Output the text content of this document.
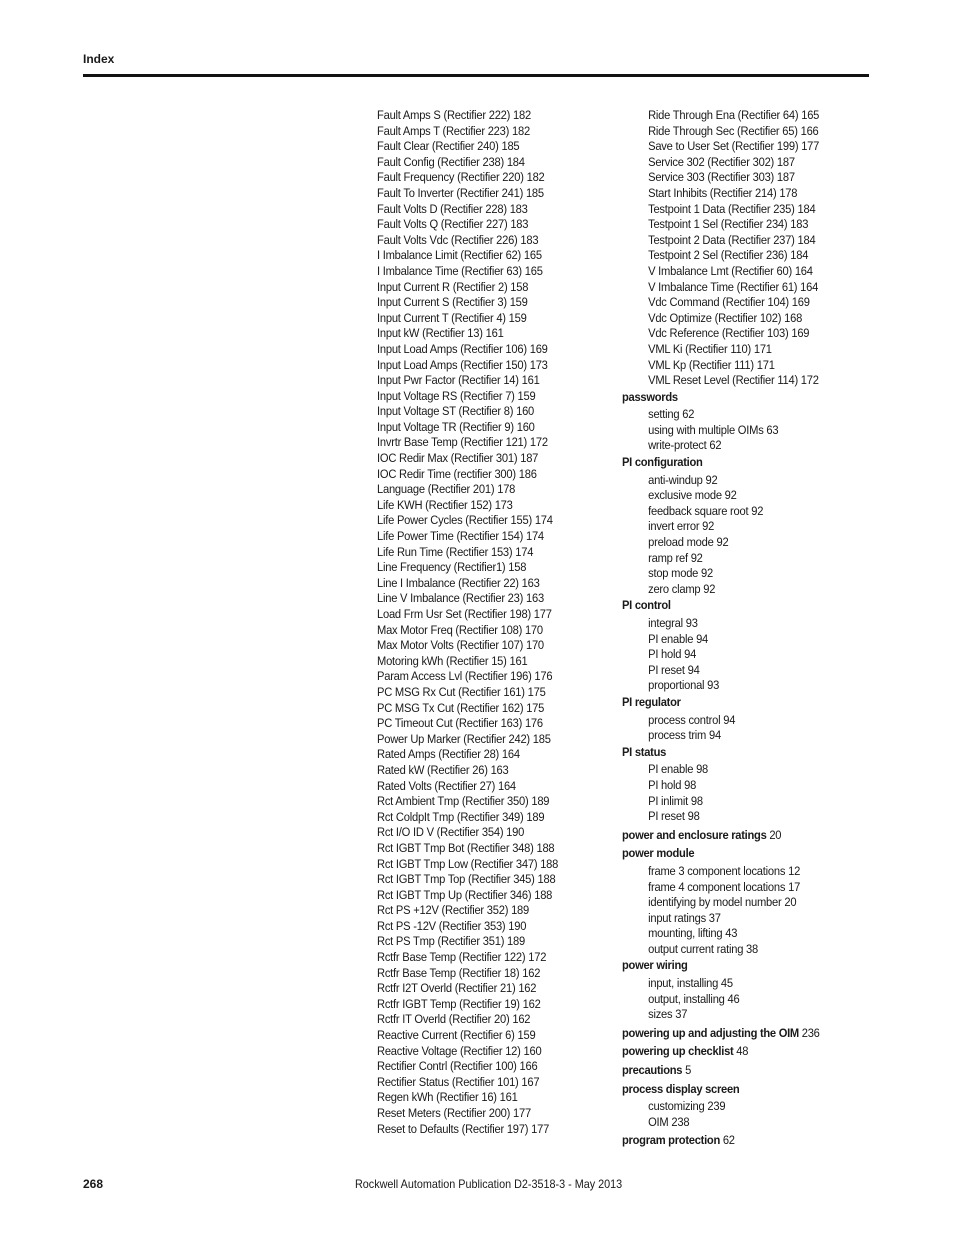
Index
Fault Amps S (Rectifier 222) 182
Fault Amps T (Rectifier 223) 182
Fault Clear (Rectifier 240) 185
Fault Config (Rectifier 238) 184
Fault Frequency (Rectifier 220) 182
Fault To Inverter (Rectifier 241) 185
Fault Volts D (Rectifier 228) 183
Fault Volts Q (Rectifier 227) 183
Fault Volts Vdc (Rectifier 226) 183
I Imbalance Limit (Rectifier 62) 165
I Imbalance Time (Rectifier 63) 165
Input Current R (Rectifier 2) 158
Input Current S (Rectifier 3) 159
Input Current T (Rectifier 4) 159
Input kW (Rectifier 13) 161
Input Load Amps (Rectifier 106) 169
Input Load Amps (Rectifier 150) 173
Input Pwr Factor (Rectifier 14) 161
Input Voltage RS (Rectifier 7) 159
Input Voltage ST (Rectifier 8) 160
Input Voltage TR (Rectifier 9) 160
Invrtr Base Temp (Rectifier 121) 172
IOC Redir Max (Rectifier 301) 187
IOC Redir Time (rectifier 300) 186
Language (Rectifier 201) 178
Life KWH (Rectifier 152) 173
Life Power Cycles (Rectifier 155) 174
Life Power Time (Rectifier 154) 174
Life Run Time (Rectifier 153) 174
Line Frequency (Rectifier1) 158
Line I Imbalance (Rectifier 22) 163
Line V Imbalance (Rectifier 23) 163
Load Frm Usr Set (Rectifier 198) 177
Max Motor Freq (Rectifier 108) 170
Max Motor Volts (Rectifier 107) 170
Motoring kWh (Rectifier 15) 161
Param Access Lvl (Rectifier 196) 176
PC MSG Rx Cut (Rectifier 161) 175
PC MSG Tx Cut (Rectifier 162) 175
PC Timeout Cut (Rectifier 163) 176
Power Up Marker (Rectifier 242) 185
Rated Amps (Rectifier 28) 164
Rated kW (Rectifier 26) 163
Rated Volts (Rectifier 27) 164
Rct Ambient Tmp (Rectifier 350) 189
Rct ColdpIt Tmp (Rectifier 349) 189
Rct I/O ID V (Rectifier 354) 190
Rct IGBT Tmp Bot (Rectifier 348) 188
Rct IGBT Tmp Low (Rectifier 347) 188
Rct IGBT Tmp Top (Rectifier 345) 188
Rct IGBT Tmp Up (Rectifier 346) 188
Rct PS +12V (Rectifier 352) 189
Rct PS -12V (Rectifier 353) 190
Rct PS Tmp (Rectifier 351) 189
Rctfr Base Temp (Rectifier 122) 172
Rctfr Base Temp (Rectifier 18) 162
Rctfr I2T Overld (Rectifier 21) 162
Rctfr IGBT Temp (Rectifier 19) 162
Rctfr IT Overld (Rectifier 20) 162
Reactive Current (Rectifier 6) 159
Reactive Voltage (Rectifier 12) 160
Rectifier Contrl (Rectifier 100) 166
Rectifier Status (Rectifier 101) 167
Regen kWh (Rectifier 16) 161
Reset Meters (Rectifier 200) 177
Reset to Defaults (Rectifier 197) 177
Ride Through Ena (Rectifier 64) 165
Ride Through Sec (Rectifier 65) 166
Save to User Set (Rectifier 199) 177
Service 302 (Rectifier 302) 187
Service 303 (Rectifier 303) 187
Start Inhibits (Rectifier 214) 178
Testpoint 1 Data (Rectifier 235) 184
Testpoint 1 Sel (Rectifier 234) 183
Testpoint 2 Data (Rectifier 237) 184
Testpoint 2 Sel (Rectifier 236) 184
V Imbalance Lmt (Rectifier 60) 164
V Imbalance Time (Rectifier 61) 164
Vdc Command (Rectifier 104) 169
Vdc Optimize (Rectifier 102) 168
Vdc Reference (Rectifier 103) 169
VML Ki (Rectifier 110) 171
VML Kp (Rectifier 111) 171
VML Reset Level (Rectifier 114) 172
passwords
setting 62
using with multiple OIMs 63
write-protect 62
PI configuration
anti-windup 92
exclusive mode 92
feedback square root 92
invert error 92
preload mode 92
ramp ref 92
stop mode 92
zero clamp 92
PI control
integral 93
PI enable 94
PI hold 94
PI reset 94
proportional 93
PI regulator
process control 94
process trim 94
PI status
PI enable 98
PI hold 98
PI inlimit 98
PI reset 98
power and enclosure ratings 20
power module
frame 3 component locations 12
frame 4 component locations 17
identifying by model number 20
input ratings 37
mounting, lifting 43
output current rating 38
power wiring
input, installing 45
output, installing 46
sizes 37
powering up and adjusting the OIM 236
powering up checklist 48
precautions 5
process display screen
customizing 239
OIM 238
program protection 62
268	Rockwell Automation Publication D2-3518-3 - May 2013
